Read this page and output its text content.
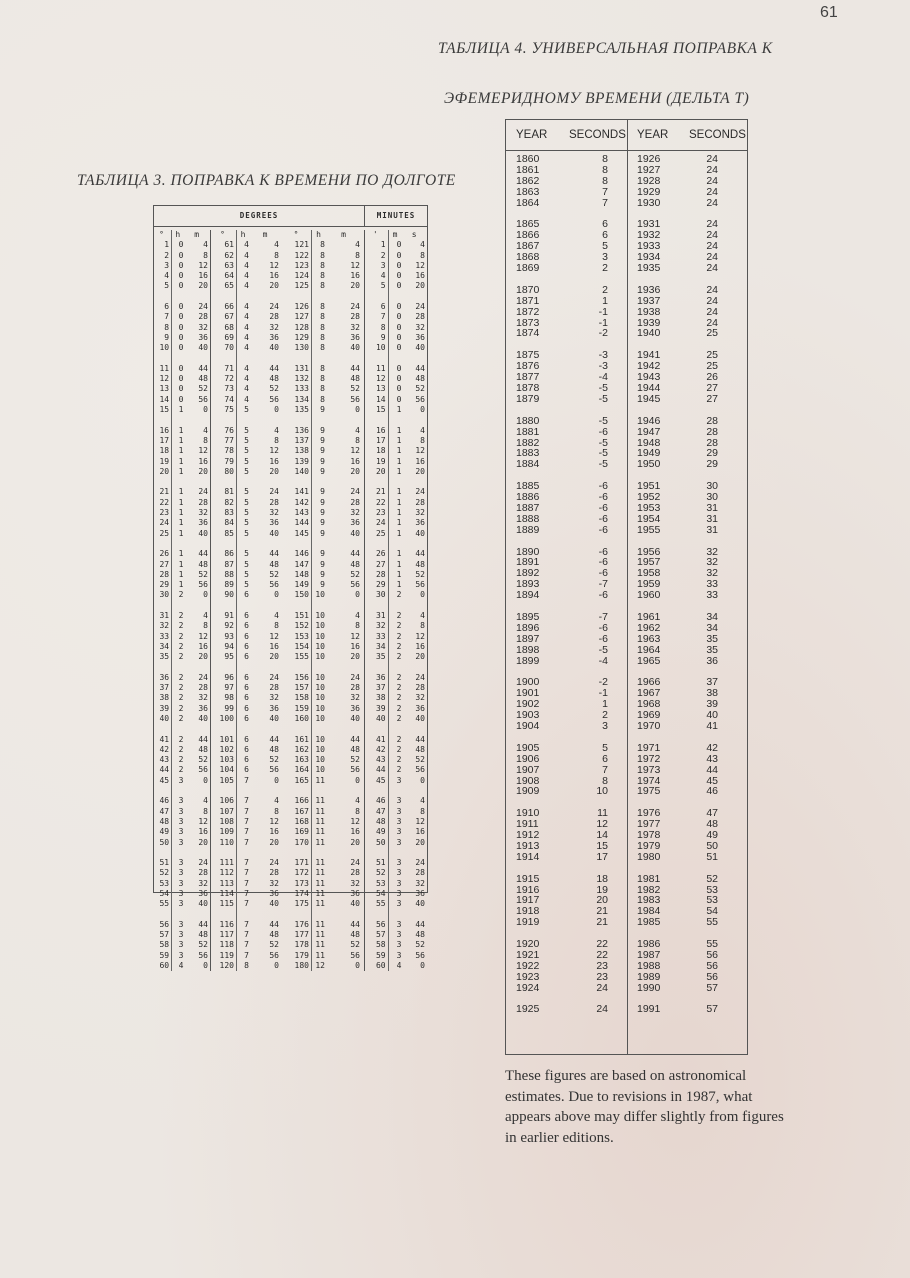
61
ТАБЛИЦА 4. УНИВЕРСАЛЬНАЯ ПОПРАВКА К
ЭФЕМЕРИДНОМУ ВРЕМЕНИ (ДЕЛЬТА Т)
ТАБЛИЦА 3. ПОПРАВКА К ВРЕМЕНИ ПО ДОЛГОТЕ
DEGREES	MINUTES
°
1
2
3
4
5
6
7
8
9
10
11
12
13
14
15
16
17
18
19
20
21
22
23
24
25
26
27
28
29
30
31
32
33
34
35
36
37
38
39
40
41
42
43
44
45
46
47
48
49
50
51
52
53
54
55
56
57
58
59
60
h
0
0
0
0
0
0
0
0
0
0
0
0
0
0
1
1
1
1
1
1
1
1
1
1
1
1
1
1
1
2
2
2
2
2
2
2
2
2
2
2
2
2
2
2
3
3
3
3
3
3
3
3
3
3
3
3
3
3
3
4
m
4
8
12
16
20
24
28
32
36
40
44
48
52
56
0
4
8
12
16
20
24
28
32
36
40
44
48
52
56
0
4
8
12
16
20
24
28
32
36
40
44
48
52
56
0
4
8
12
16
20
24
28
32
36
40
44
48
52
56
0
°
61
62
63
64
65
66
67
68
69
70
71
72
73
74
75
76
77
78
79
80
81
82
83
84
85
86
87
88
89
90
91
92
93
94
95
96
97
98
99
100
101
102
103
104
105
106
107
108
109
110
111
112
113
114
115
116
117
118
119
120
h
4
4
4
4
4
4
4
4
4
4
4
4
4
4
5
5
5
5
5
5
5
5
5
5
5
5
5
5
5
6
6
6
6
6
6
6
6
6
6
6
6
6
6
6
7
7
7
7
7
7
7
7
7
7
7
7
7
7
7
8
m
4
8
12
16
20
24
28
32
36
40
44
48
52
56
0
4
8
12
16
20
24
28
32
36
40
44
48
52
56
0
4
8
12
16
20
24
28
32
36
40
44
48
52
56
0
4
8
12
16
20
24
28
32
36
40
44
48
52
56
0
°
121
122
123
124
125
126
127
128
129
130
131
132
133
134
135
136
137
138
139
140
141
142
143
144
145
146
147
148
149
150
151
152
153
154
155
156
157
158
159
160
161
162
163
164
165
166
167
168
169
170
171
172
173
174
175
176
177
178
179
180
h
8
8
8
8
8
8
8
8
8
8
8
8
8
8
9
9
9
9
9
9
9
9
9
9
9
9
9
9
9
10
10
10
10
10
10
10
10
10
10
10
10
10
10
10
11
11
11
11
11
11
11
11
11
11
11
11
11
11
11
12
m
4
8
12
16
20
24
28
32
36
40
44
48
52
56
0
4
8
12
16
20
24
28
32
36
40
44
48
52
56
0
4
8
12
16
20
24
28
32
36
40
44
48
52
56
0
4
8
12
16
20
24
28
32
36
40
44
48
52
56
0
'
1
2
3
4
5
6
7
8
9
10
11
12
13
14
15
16
17
18
19
20
21
22
23
24
25
26
27
28
29
30
31
32
33
34
35
36
37
38
39
40
41
42
43
44
45
46
47
48
49
50
51
52
53
54
55
56
57
58
59
60
m
0
0
0
0
0
0
0
0
0
0
0
0
0
0
1
1
1
1
1
1
1
1
1
1
1
1
1
1
1
2
2
2
2
2
2
2
2
2
2
2
2
2
2
2
3
3
3
3
3
3
3
3
3
3
3
3
3
3
3
4
s
4
8
12
16
20
24
28
32
36
40
44
48
52
56
0
4
8
12
16
20
24
28
32
36
40
44
48
52
56
0
4
8
12
16
20
24
28
32
36
40
44
48
52
56
0
4
8
12
16
20
24
28
32
36
40
44
48
52
56
0
YEAR SECONDS YEAR SECONDS
1860
1861
1862
1863
1864
1865
1866
1867
1868
1869
1870
1871
1872
1873
1874
1875
1876
1877
1878
1879
1880
1881
1882
1883
1884
1885
1886
1887
1888
1889
1890
1891
1892
1893
1894
1895
1896
1897
1898
1899
1900
1901
1902
1903
1904
1905
1906
1907
1908
1909
1910
1911
1912
1913
1914
1915
1916
1917
1918
1919
1920
1921
1922
1923
1924
1925
8
8
8
7
7
6
6
5
3
2
2
1
-1
-1
-2
-3
-3
-4
-5
-5
-5
-6
-5
-5
-5
-6
-6
-6
-6
-6
-6
-6
-6
-7
-6
-7
-6
-6
-5
-4
-2
-1
1
2
3
5
6
7
8
10
11
12
14
15
17
18
19
20
21
21
22
22
23
23
24
24
1926
1927
1928
1929
1930
1931
1932
1933
1934
1935
1936
1937
1938
1939
1940
1941
1942
1943
1944
1945
1946
1947
1948
1949
1950
1951
1952
1953
1954
1955
1956
1957
1958
1959
1960
1961
1962
1963
1964
1965
1966
1967
1968
1969
1970
1971
1972
1973
1974
1975
1976
1977
1978
1979
1980
1981
1982
1983
1984
1985
1986
1987
1988
1989
1990
1991
24
24
24
24
24
24
24
24
24
24
24
24
24
24
25
25
25
26
27
27
28
28
28
29
29
30
30
31
31
31
32
32
32
33
33
34
34
35
35
36
37
38
39
40
41
42
43
44
45
46
47
48
49
50
51
52
53
53
54
55
55
56
56
56
57
57
These figures are based on astronomical estimates. Due to revisions in 1987, what appears above may differ slightly from figures in earlier editions.
